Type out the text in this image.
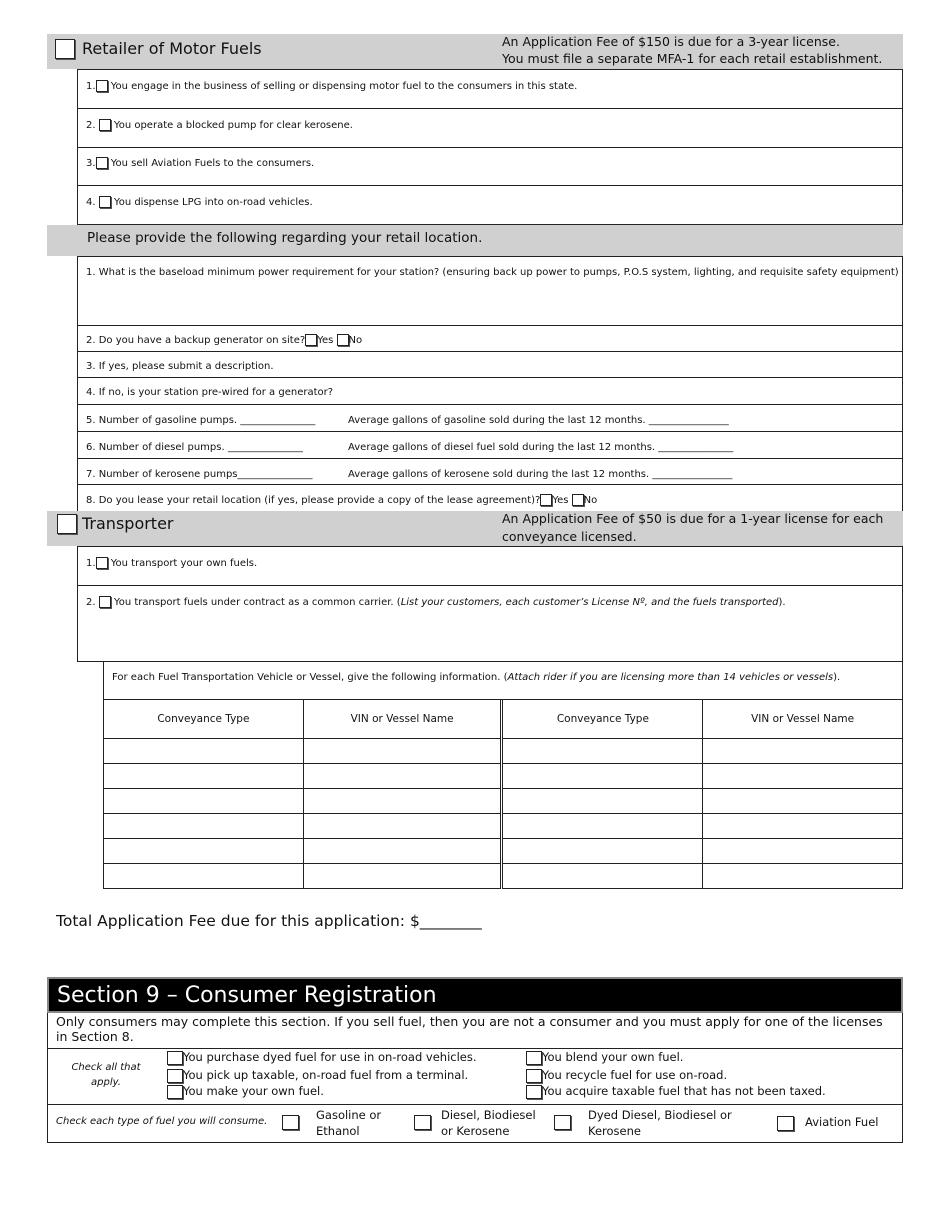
Retailer of Motor Fuels	An Application Fee of $150 is due for a 3-year license.
You must file a separate MFA-1 for each retail establishment.
1. You engage in the business of selling or dispensing motor fuel to the consumers in this state.
2. You operate a blocked pump for clear kerosene.
3. You sell Aviation Fuels to the consumers.
4. You dispense LPG into on-road vehicles.
Please provide the following regarding your retail location.
1. What is the baseload minimum power requirement for your station? (ensuring back up power to pumps, P.O.S system, lighting, and requisite safety equipment)
2. Do you have a backup generator on site? Yes No
3. If yes, please submit a description.
4. If no, is your station pre-wired for a generator?
5. Number of gasoline pumps. _______________	Average gallons of gasoline sold during the last 12 months. ________________
6. Number of diesel pumps. _______________	Average gallons of diesel fuel sold during the last 12 months. _______________
7. Number of kerosene pumps_______________	Average gallons of kerosene sold during the last 12 months. ________________
8. Do you lease your retail location (if yes, please provide a copy of the lease agreement)? Yes No
Transporter	An Application Fee of $50 is due for a 1-year license for each
conveyance licensed.
1. You transport your own fuels.
2. You transport fuels under contract as a common carrier. (List your customers, each customer’s License Nº, and the fuels transported).
For each Fuel Transportation Vehicle or Vessel, give the following information. (Attach rider if you are licensing more than 14 vehicles or vessels).
Conveyance Type	VIN or Vessel Name	Conveyance Type	VIN or Vessel Name

Total Application Fee due for this application: $________
Section 9 – Consumer Registration
Only consumers may complete this section. If you sell fuel, then you are not a consumer and you must apply for one of the licenses in Section 8.
Check all that apply.
You purchase dyed fuel for use in on-road vehicles.
You pick up taxable, on-road fuel from a terminal.
You make your own fuel.
You blend your own fuel.
You recycle fuel for use on-road.
You acquire taxable fuel that has not been taxed.
Check each type of fuel you will consume.	Gasoline or
Ethanol
Diesel, Biodiesel
or Kerosene
Dyed Diesel, Biodiesel or
Kerosene
Aviation Fuel
